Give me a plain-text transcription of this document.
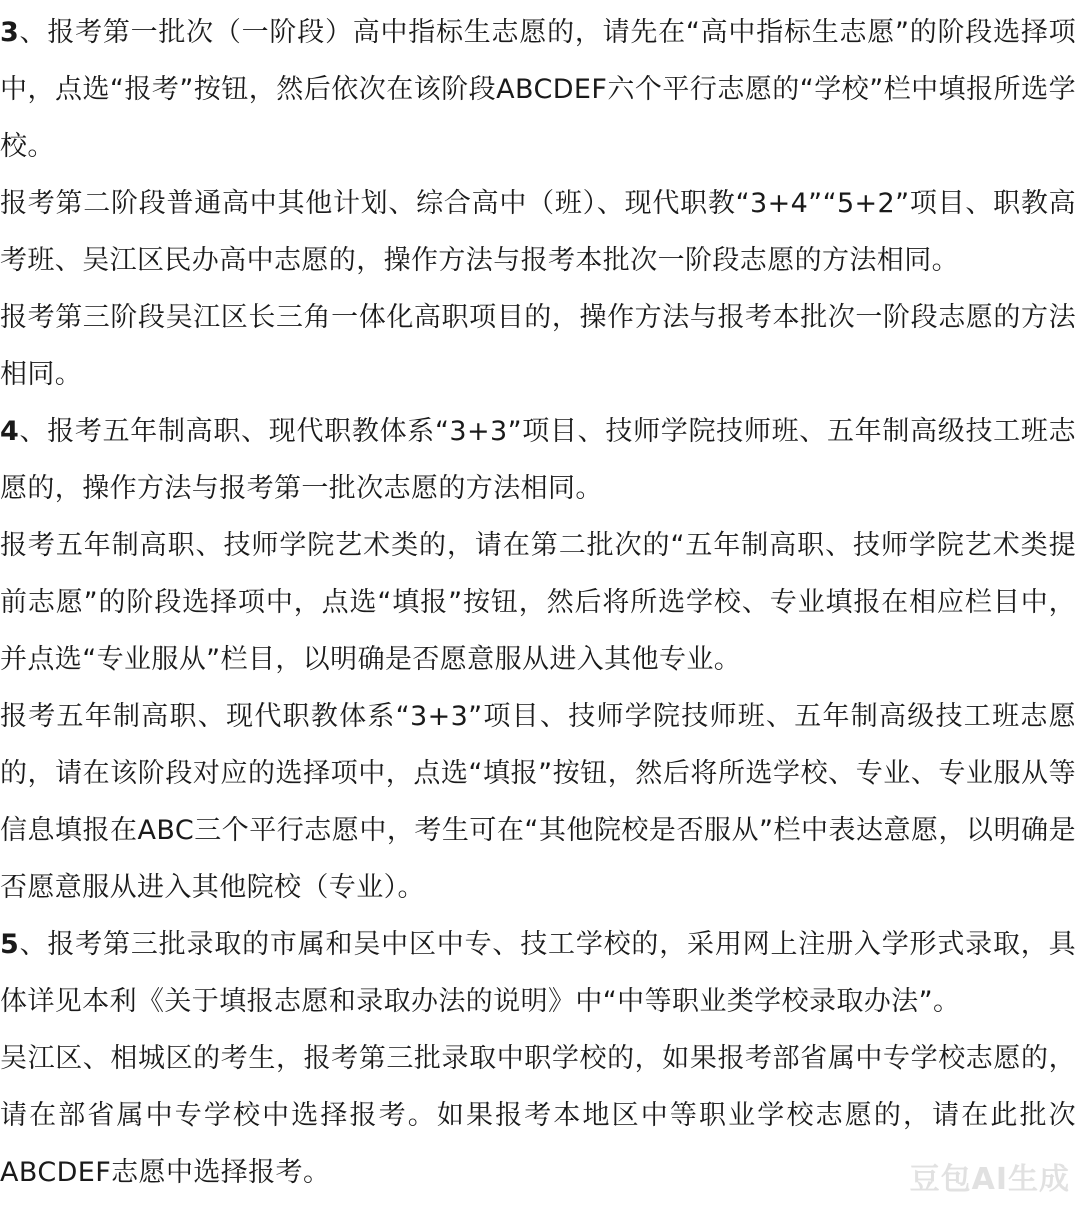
3、报考第一批次（一阶段）高中指标生志愿的，请先在“高中指标生志愿”的阶段选择项中，点选“报考”按钮，然后依次在该阶段ABCDEF六个平行志愿的“学校”栏中填报所选学校。

报考第二阶段普通高中其他计划、综合高中（班）、现代职教“3+4”“5+2”项目、职教高考班、吴江区民办高中志愿的，操作方法与报考本批次一阶段志愿的方法相同。

报考第三阶段吴江区长三角一体化高职项目的，操作方法与报考本批次一阶段志愿的方法相同。

4、报考五年制高职、现代职教体系“3+3”项目、技师学院技师班、五年制高级技工班志愿的，操作方法与报考第一批次志愿的方法相同。

报考五年制高职、技师学院艺术类的，请在第二批次的“五年制高职、技师学院艺术类提前志愿”的阶段选择项中，点选“填报”按钮，然后将所选学校、专业填报在相应栏目中，并点选“专业服从”栏目，以明确是否愿意服从进入其他专业。

报考五年制高职、现代职教体系“3+3”项目、技师学院技师班、五年制高级技工班志愿的，请在该阶段对应的选择项中，点选“填报”按钮，然后将所选学校、专业、专业服从等信息填报在ABC三个平行志愿中，考生可在“其他院校是否服从”栏中表达意愿，以明确是否愿意服从进入其他院校（专业）。

5、报考第三批录取的市属和吴中区中专、技工学校的，采用网上注册入学形式录取，具体详见本利《关于填报志愿和录取办法的说明》中“中等职业类学校录取办法”。

吴江区、相城区的考生，报考第三批录取中职学校的，如果报考部省属中专学校志愿的，请在部省属中专学校中选择报考。如果报考本地区中等职业学校志愿的，请在此批次ABCDEF志愿中选择报考。	豆包AI生成
